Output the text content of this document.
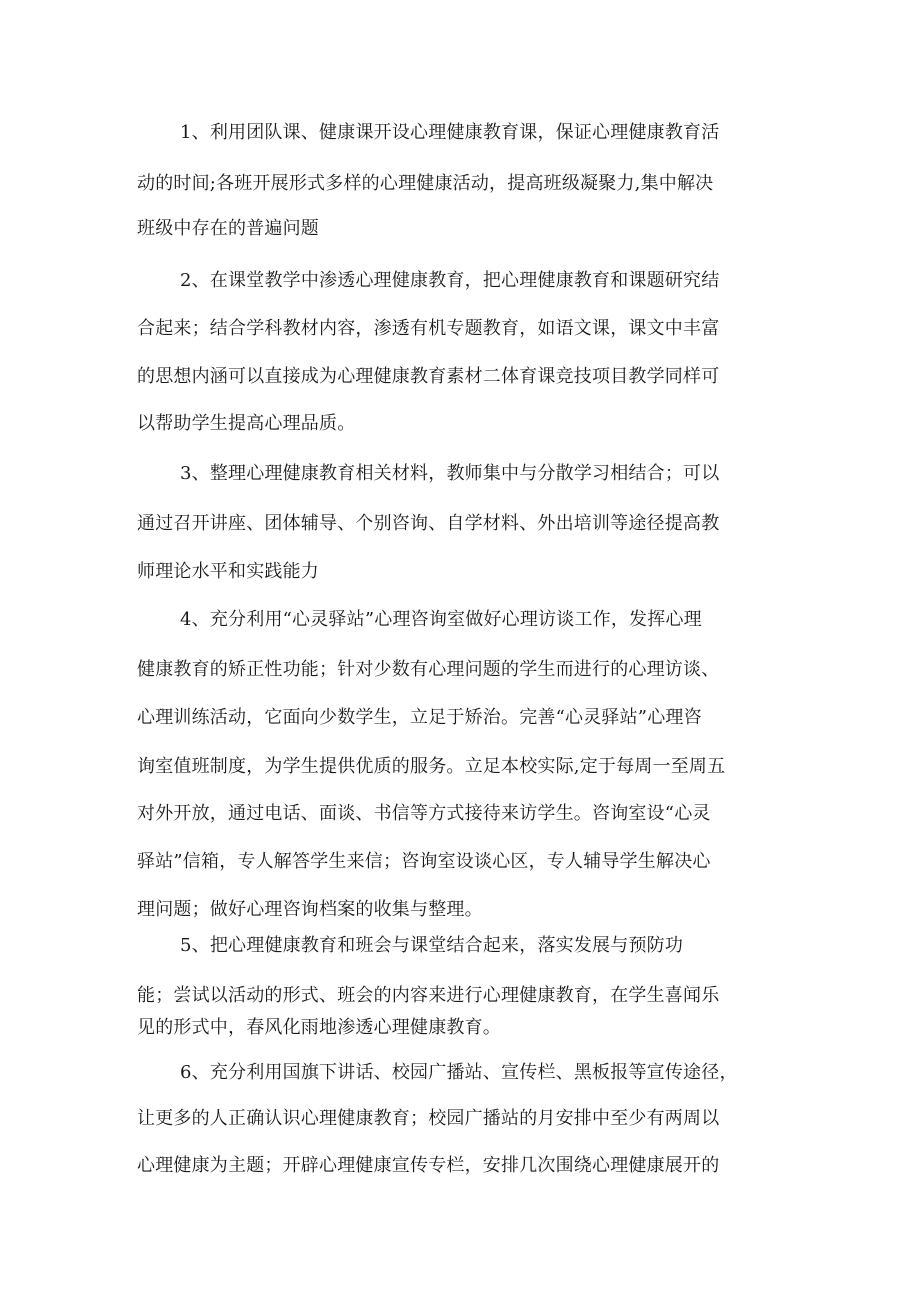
1、利用团队课、健康课开设心理健康教育课，保证心理健康教育活

动的时间;各班开展形式多样的心理健康活动，提高班级凝聚力,集中解决

班级中存在的普遍问题

2、在课堂教学中渗透心理健康教育，把心理健康教育和课题研究结

合起来；结合学科教材内容，渗透有机专题教育，如语文课，课文中丰富

的思想内涵可以直接成为心理健康教育素材二体育课竞技项目教学同样可

以帮助学生提高心理品质。

3、整理心理健康教育相关材料，教师集中与分散学习相结合；可以

通过召开讲座、团体辅导、个别咨询、自学材料、外出培训等途径提高教

师理论水平和实践能力

4、充分利用“心灵驿站”心理咨询室做好心理访谈工作，发挥心理

健康教育的矫正性功能；针对少数有心理问题的学生而进行的心理访谈、

心理训练活动，它面向少数学生，立足于矫治。完善“心灵驿站”心理咨

询室值班制度，为学生提供优质的服务。立足本校实际,定于每周一至周五

对外开放，通过电话、面谈、书信等方式接待来访学生。咨询室设“心灵

驿站”信箱，专人解答学生来信；咨询室设谈心区，专人辅导学生解决心

理问题；做好心理咨询档案的收集与整理。

5、把心理健康教育和班会与课堂结合起来，落实发展与预防功

能；尝试以活动的形式、班会的内容来进行心理健康教育，在学生喜闻乐

见的形式中，春风化雨地渗透心理健康教育。

6、充分利用国旗下讲话、校园广播站、宣传栏、黑板报等宣传途径，

让更多的人正确认识心理健康教育；校园广播站的月安排中至少有两周以

心理健康为主题；开辟心理健康宣传专栏，安排几次围绕心理健康展开的
